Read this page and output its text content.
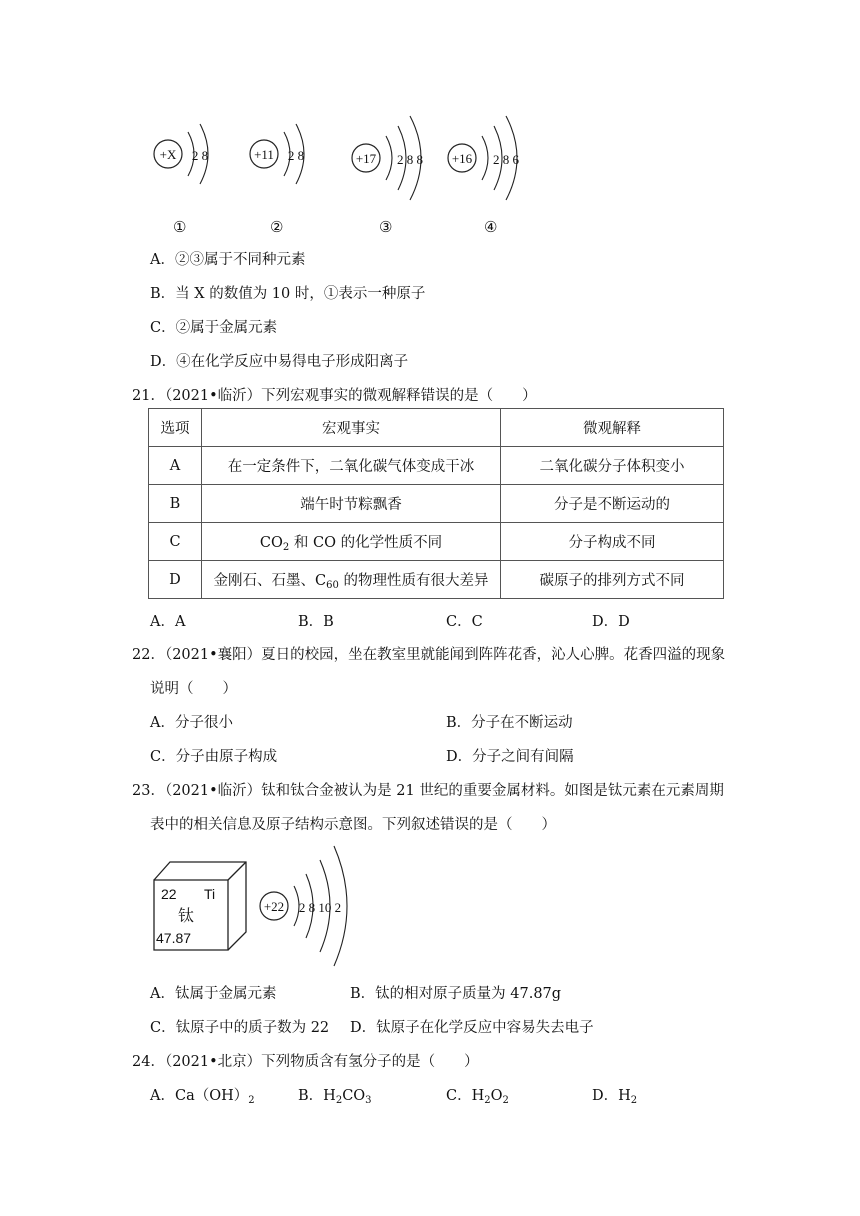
+X 2 8	+11 2 8	+17 2 8 8 +16 2 8 6
①	②	③	④
A．②③属于不同种元素
B．当 X 的数值为 10 时，①表示一种原子
C．②属于金属元素
D．④在化学反应中易得电子形成阳离子
21．（2021•临沂）下列宏观事实的微观解释错误的是（　　）
选项	宏观事实	微观解释
A	在一定条件下，二氧化碳气体变成干冰	二氧化碳分子体积变小
B	端午时节粽飘香	分子是不断运动的
C	$CO_2$ 和 CO 的化学性质不同	分子构成不同
D	金刚石、石墨、$C_{60}$ 的物理性质有很大差异	碳原子的排列方式不同
A．A	B．B	C．C	D．D
22．（2021•襄阳）夏日的校园，坐在教室里就能闻到阵阵花香，沁人心脾。花香四溢的现象
说明（　　）
A．分子很小	B．分子在不断运动
C．分子由原子构成	D．分子之间有间隔
23．（2021•临沂）钛和钛合金被认为是 21 世纪的重要金属材料。如图是钛元素在元素周期
表中的相关信息及原子结构示意图。下列叙述错误的是（　　）
22 Ti
钛
47.87
+22 2 8 10 2
A．钛属于金属元素	B．钛的相对原子质量为 47.87g
C．钛原子中的质子数为 22 D．钛原子在化学反应中容易失去电子
24．（2021•北京）下列物质含有氢分子的是（　　）
A．$Ca(OH)_2$	B．$H_2CO_3$	C．$H_2O_2$	D．$H_2$
